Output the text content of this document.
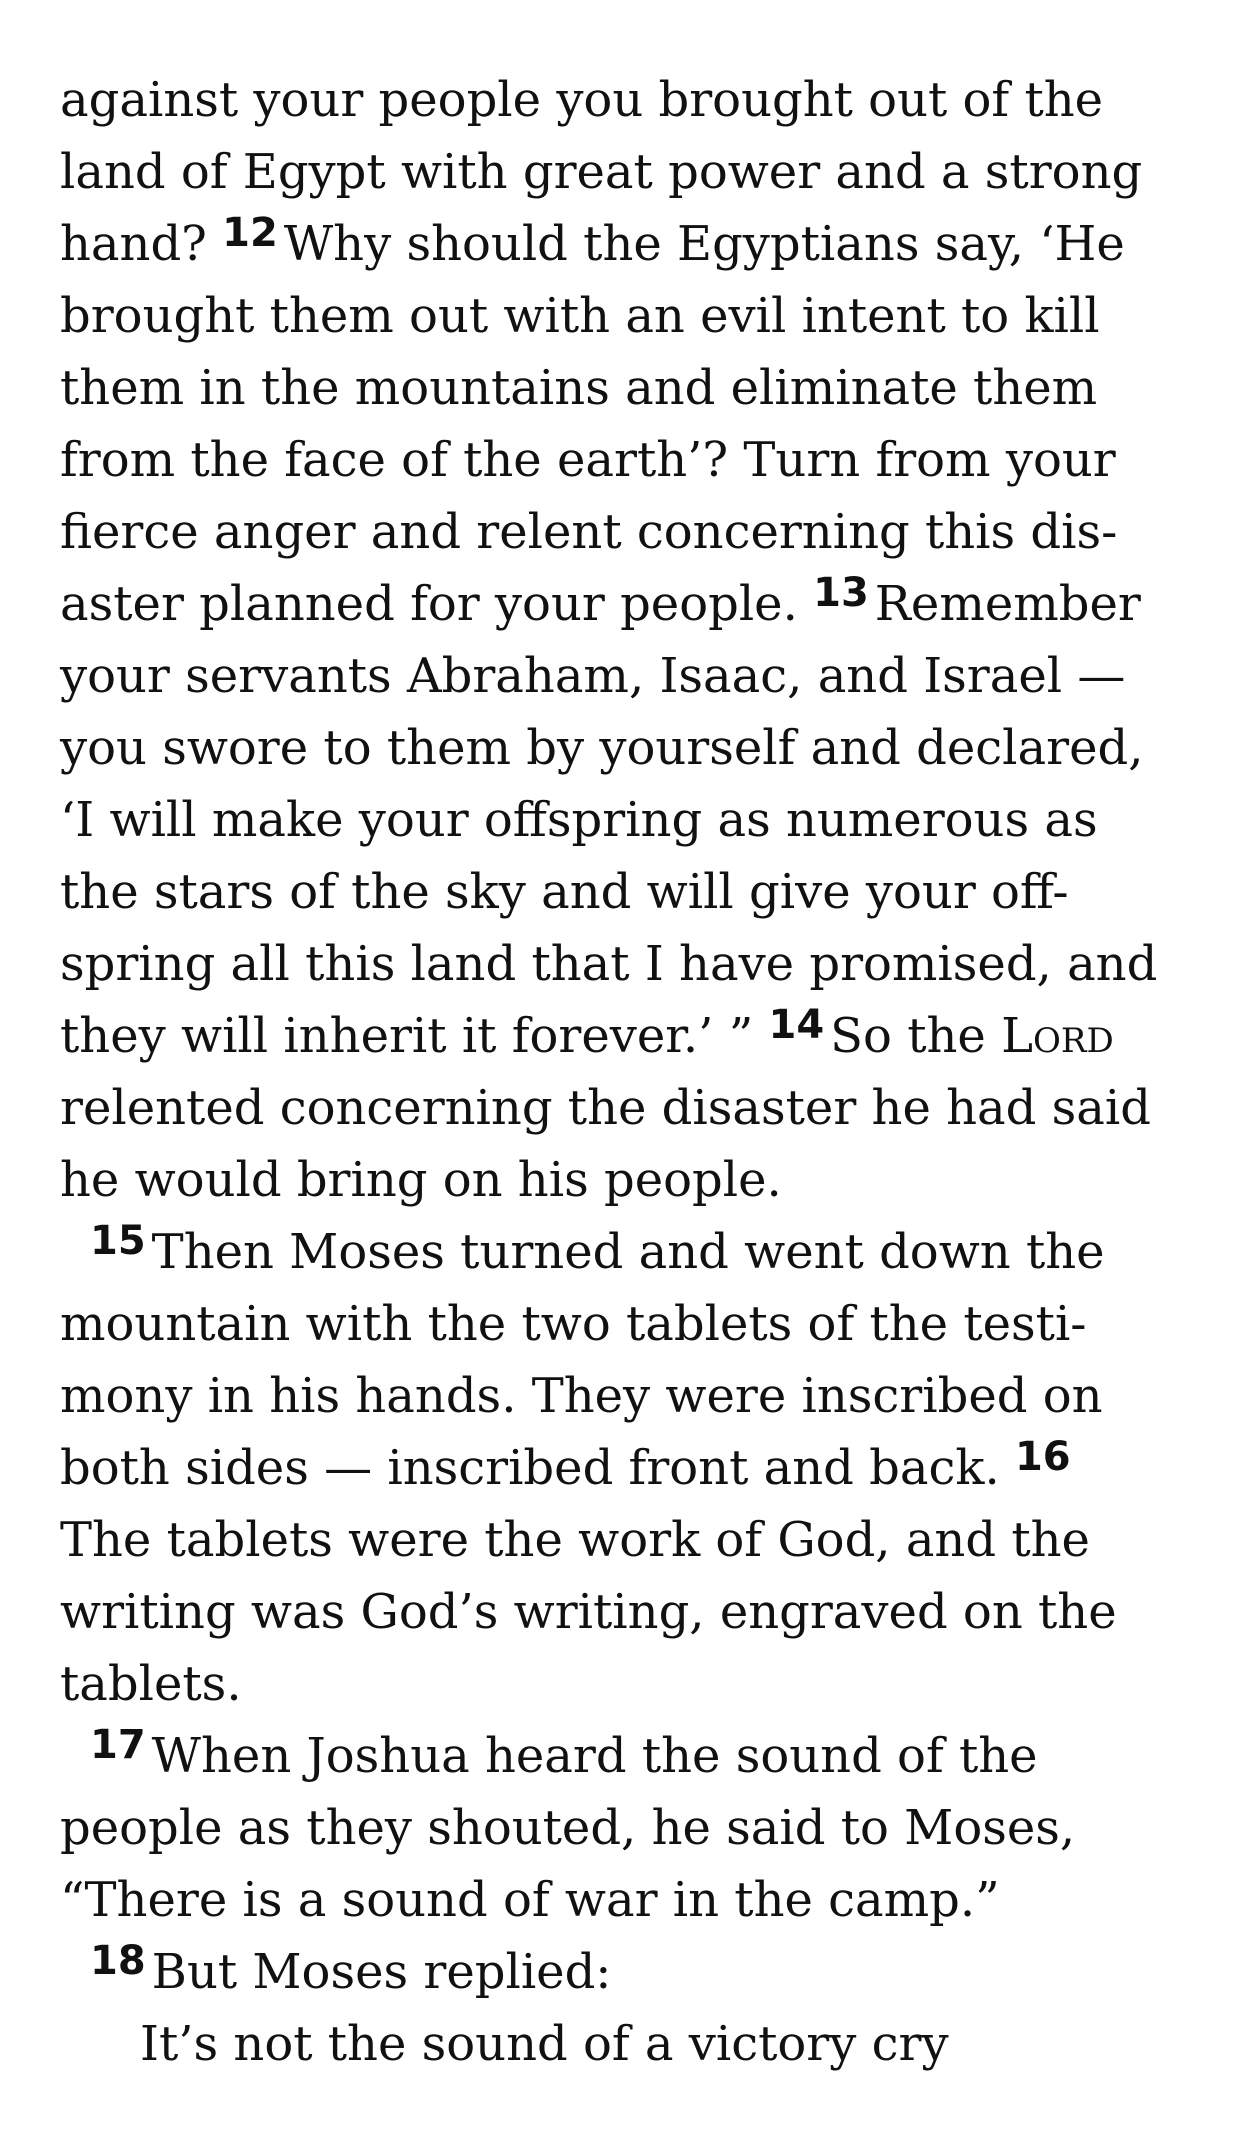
against your people you brought out of the
land of Egypt with great power and a strong
hand? $^{12}$ Why should the Egyptians say, ‘He
brought them out with an evil intent to kill
them in the mountains and eliminate them
from the face of the earth’? Turn from your
fierce anger and relent concerning this dis-
aster planned for your people. $^{13}$ Remember
your servants Abraham, Isaac, and Israel —
you swore to them by yourself and declared,
‘I will make your offspring as numerous as
the stars of the sky and will give your off-
spring all this land that I have promised, and
they will inherit it forever.’ ” $^{14}$ So the Lord
relented concerning the disaster he had said
he would bring on his people.
$^{15}$ Then Moses turned and went down the
mountain with the two tablets of the testi-
mony in his hands. They were inscribed on
both sides — inscribed front and back. $^{16}$
The tablets were the work of God, and the
writing was God’s writing, engraved on the
tablets.
$^{17}$ When Joshua heard the sound of the
people as they shouted, he said to Moses,
“There is a sound of war in the camp.”
$^{18}$ But Moses replied:
It’s not the sound of a victory cry
